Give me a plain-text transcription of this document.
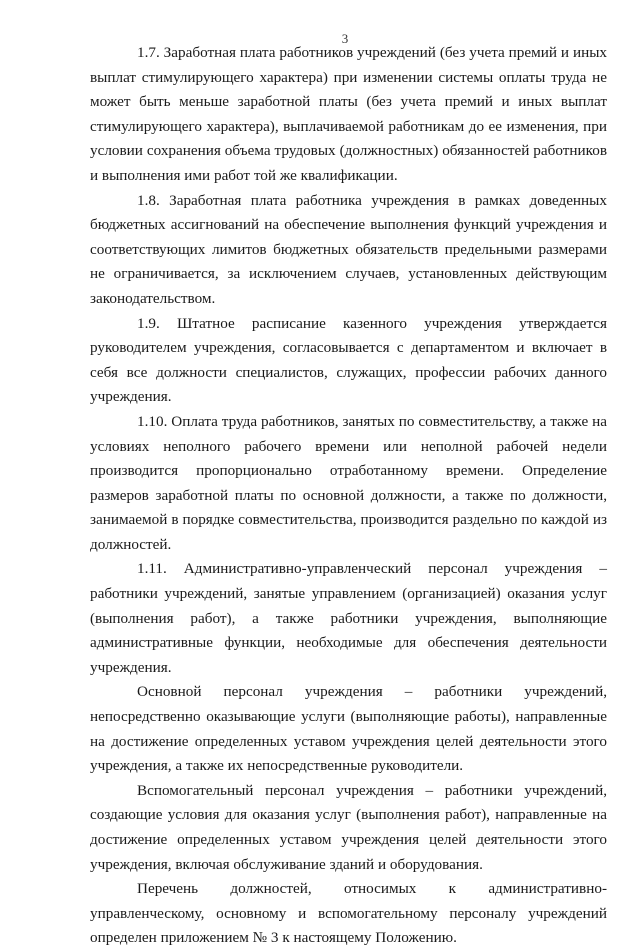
3

1.7. Заработная плата работников учреждений (без учета премий и иных выплат стимулирующего характера) при изменении системы оплаты труда не может быть меньше заработной платы (без учета премий и иных выплат стимулирующего характера), выплачиваемой работникам до ее изменения, при условии сохранения объема трудовых (должностных) обязанностей работников и выполнения ими работ той же квалификации.

1.8. Заработная плата работника учреждения в рамках доведенных бюджетных ассигнований на обеспечение выполнения функций учреждения и соответствующих лимитов бюджетных обязательств предельными размерами не ограничивается, за исключением случаев, установленных действующим законодательством.

1.9. Штатное расписание казенного учреждения утверждается руководителем учреждения, согласовывается с департаментом и включает в себя все должности специалистов, служащих, профессии рабочих данного учреждения.

1.10. Оплата труда работников, занятых по совместительству, а также на условиях неполного рабочего времени или неполной рабочей недели производится пропорционально отработанному времени. Определение размеров заработной платы по основной должности, а также по должности, занимаемой в порядке совместительства, производится раздельно по каждой из должностей.

1.11. Административно-управленческий персонал учреждения – работники учреждений, занятые управлением (организацией) оказания услуг (выполнения работ), а также работники учреждения, выполняющие административные функции, необходимые для обеспечения деятельности учреждения.

Основной персонал учреждения – работники учреждений, непосредственно оказывающие услуги (выполняющие работы), направленные на достижение определенных уставом учреждения целей деятельности этого учреждения, а также их непосредственные руководители.

Вспомогательный персонал учреждения – работники учреждений, создающие условия для оказания услуг (выполнения работ), направленные на достижение определенных уставом учреждения целей деятельности этого учреждения, включая обслуживание зданий и оборудования.

Перечень должностей, относимых к административно-управленческому, основному и вспомогательному персоналу учреждений определен приложением № 3 к настоящему Положению.
